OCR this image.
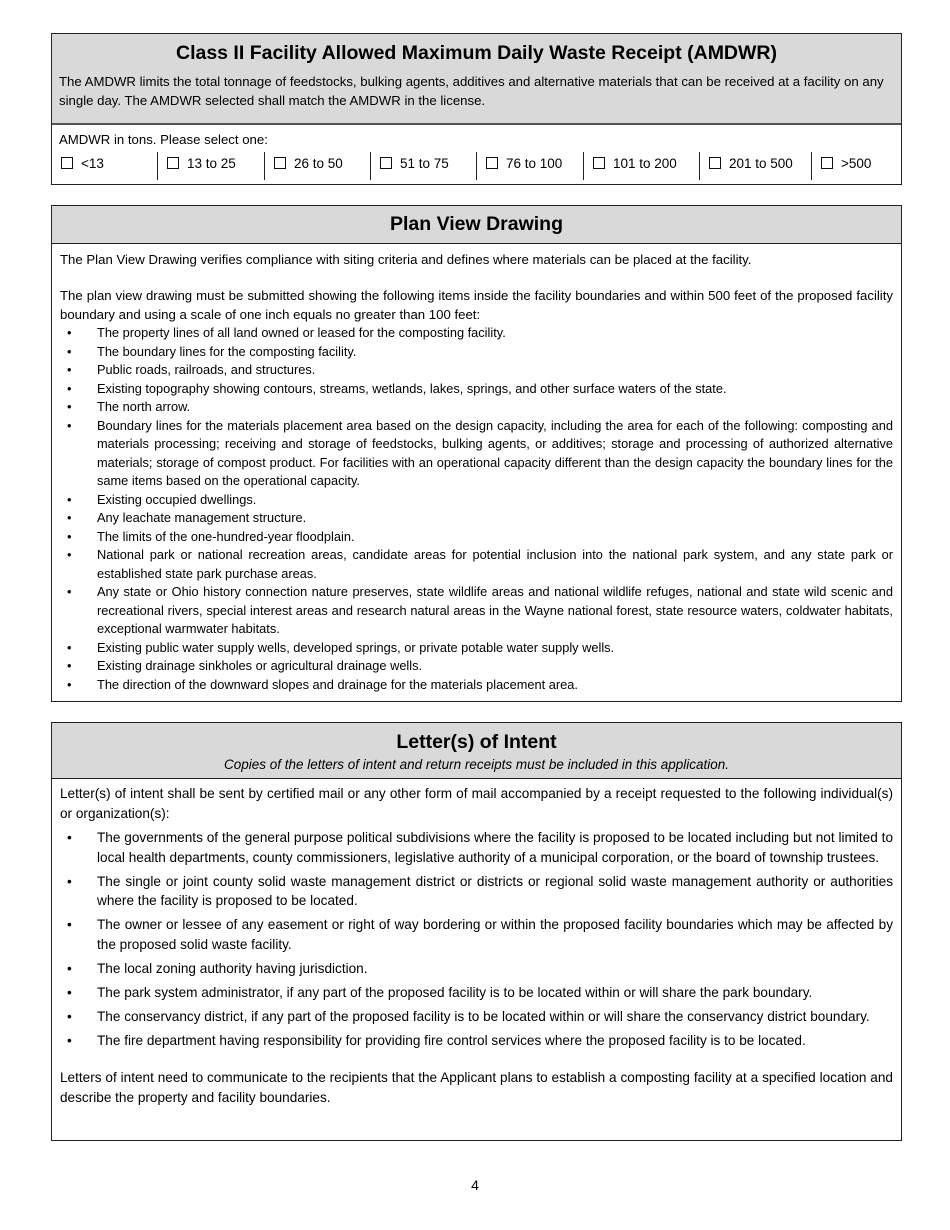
Class II Facility Allowed Maximum Daily Waste Receipt (AMDWR)

The AMDWR limits the total tonnage of feedstocks, bulking agents, additives and alternative materials that can be received at a facility on any single day. The AMDWR selected shall match the AMDWR in the license.

AMDWR in tons. Please select one:
<13	13 to 25	26 to 50	51 to 75	76 to 100	101 to 200	201 to 500	>500
Plan View Drawing

The Plan View Drawing verifies compliance with siting criteria and defines where materials can be placed at the facility.

The plan view drawing must be submitted showing the following items inside the facility boundaries and within 500 feet of the proposed facility boundary and using a scale of one inch equals no greater than 100 feet:

• The property lines of all land owned or leased for the composting facility.
• The boundary lines for the composting facility.
• Public roads, railroads, and structures.
• Existing topography showing contours, streams, wetlands, lakes, springs, and other surface waters of the state.
• The north arrow.
• Boundary lines for the materials placement area based on the design capacity, including the area for each of the following: composting and materials processing; receiving and storage of feedstocks, bulking agents, or additives; storage and processing of authorized alternative materials; storage of compost product. For facilities with an operational capacity different than the design capacity the boundary lines for the same items based on the operational capacity.
• Existing occupied dwellings.
• Any leachate management structure.
• The limits of the one-hundred-year floodplain.
• National park or national recreation areas, candidate areas for potential inclusion into the national park system, and any state park or established state park purchase areas.
• Any state or Ohio history connection nature preserves, state wildlife areas and national wildlife refuges, national and state wild scenic and recreational rivers, special interest areas and research natural areas in the Wayne national forest, state resource waters, coldwater habitats, exceptional warmwater habitats.
• Existing public water supply wells, developed springs, or private potable water supply wells.
• Existing drainage sinkholes or agricultural drainage wells.
• The direction of the downward slopes and drainage for the materials placement area.
Letter(s) of Intent
Copies of the letters of intent and return receipts must be included in this application.

Letter(s) of intent shall be sent by certified mail or any other form of mail accompanied by a receipt requested to the following individual(s) or organization(s):

• The governments of the general purpose political subdivisions where the facility is proposed to be located including but not limited to local health departments, county commissioners, legislative authority of a municipal corporation, or the board of township trustees.
• The single or joint county solid waste management district or districts or regional solid waste management authority or authorities where the facility is proposed to be located.
• The owner or lessee of any easement or right of way bordering or within the proposed facility boundaries which may be affected by the proposed solid waste facility.
• The local zoning authority having jurisdiction.
• The park system administrator, if any part of the proposed facility is to be located within or will share the park boundary.
• The conservancy district, if any part of the proposed facility is to be located within or will share the conservancy district boundary.
• The fire department having responsibility for providing fire control services where the proposed facility is to be located.

Letters of intent need to communicate to the recipients that the Applicant plans to establish a composting facility at a specified location and describe the property and facility boundaries.

4
